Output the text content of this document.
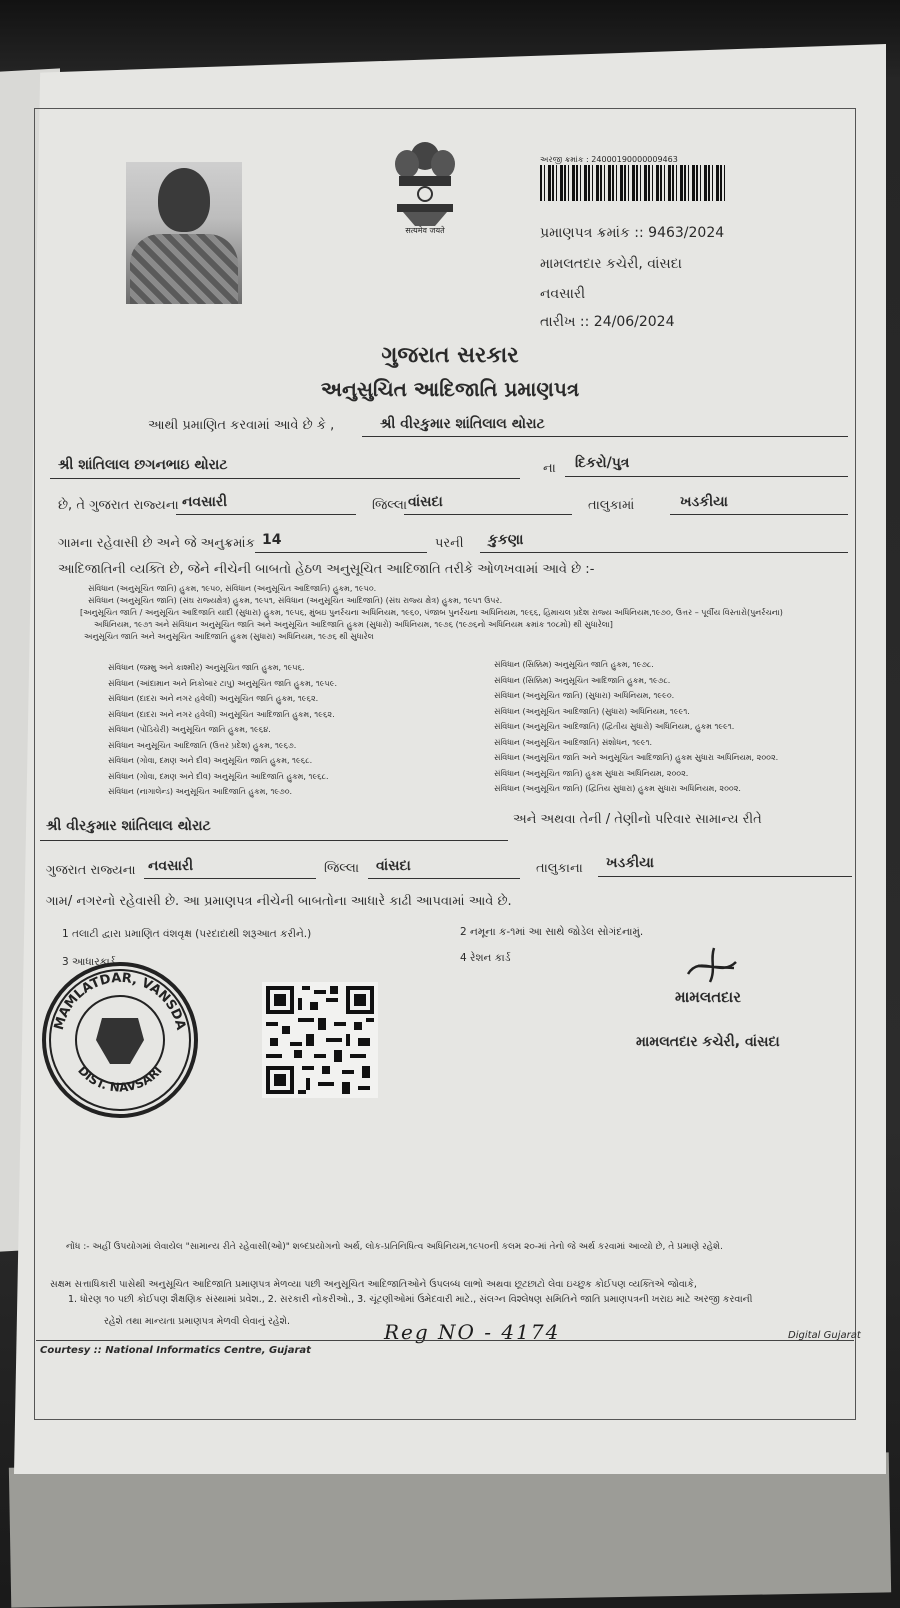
सत्यमेव जयते
અરજી ક્રમાંક : 24000190000009463
પ્રમાણપત્ર ક્રમાંક :: 9463/2024
મામલતદાર કચેરી, વાંસદા
નવસારી
તારીખ :: 24/06/2024
ગુજરાત સરકાર
અનુસુચિત આદિજાતિ પ્રમાણપત્ર
આથી પ્રમાણિત કરવામાં આવે છે કે ,	શ્રી વીરકુમાર શાંતિલાલ થોરાટ
શ્રી શાંતિલાલ છગનભાઇ થોરાટ	ના દિકરો/પુત્ર
છે, તે ગુજરાત રાજ્યના નવસારી	જિલ્લા વાંસદા	તાલુકામાં	ખડકીયા
ગામના રહેવાસી છે અને જે અનુક્રમાંક 14	પરની કુકણા
આદિજાતિની વ્યક્તિ છે, જેને નીચેની બાબતો હેઠળ અનુસૂચિત આદિજાતિ તરીકે ઓળખવામાં આવે છે :-
સંવિધાન (અનુસૂચિત જાતિ) હુકમ, ૧૯૫૦, સંવિધાન (અનુસૂચિત આદિજાતિ) હુકમ, ૧૯૫૦.
સંવિધાન (અનુસૂચિત જાતિ) (સંઘ રાજ્યક્ષેત્ર) હુકમ, ૧૯૫૧, સંવિધાન (અનુસૂચિત આદિજાતિ) (સંઘ રાજ્ય ક્ષેત્ર) હુકમ, ૧૯૫૧ ઉપર.
[અનુસૂચિત જાતિ / અનુસૂચિત આદિજાતિ યાદી (સુધારા) હુકમ, ૧૯૫૬, મુંબઇ પુનર્રચના અધિનિયમ, ૧૯૬૦, પંજાબ પુનર્રચના અધિનિયમ, ૧૯૬૬, હિમાચલ પ્રદેશ રાજ્ય અધિનિયમ,૧૯૭૦, ઉત્તર – પૂર્વીય વિસ્તારો(પુનર્રચના)
અધિનિયમ, ૧૯૭૧ અને સંવિધાન અનુસૂચિત જાતિ અને અનુસૂચિત આદિજાતિ હુકમ (સુધારો) અધિનિયમ, ૧૯૭૬ (૧૯૭૬નો અધિનિયમ ક્રમાંક ૧૦૮મો) થી સુધારેલા]
અનુસૂચિત જાતિ અને અનુસૂચિત આદિજાતિ હુકમ (સુધારા) અધિનિયમ, ૧૯૭૬ થી સુધારેલ
સંવિધાન (જમ્મુ અને કાશ્મીર) અનુસૂચિત જાતિ હુકમ, ૧૯૫૬.
સંવિધાન (આંદામાન અને નિકોબાર ટાપુ) અનુસૂચિત જાતિ હુકમ, ૧૯૫૯.
સંવિધાન (દાદરા અને નગર હવેલી) અનુસૂચિત જાતિ હુકમ, ૧૯૬૨.
સંવિધાન (દાદરા અને નગર હવેલી) અનુસૂચિત આદિજાતિ હુકમ, ૧૯૬૨.
સંવિધાન (પોંડિચેરી) અનુસૂચિત જાતિ હુકમ, ૧૯૬૪.
સંવિધાન અનુસૂચિત આદિજાતિ (ઉત્તર પ્રદેશ) હુકમ, ૧૯૬૭.
સંવિધાન (ગોવા, દમણ અને દીવ) અનુસૂચિત જાતિ હુકમ, ૧૯૬૮.
સંવિધાન (ગોવા, દમણ અને દીવ) અનુસૂચિત આદિજાતિ હુકમ, ૧૯૬૮.
સંવિધાન (નાગાલેન્ડ) અનુસૂચિત આદિજાતિ હુકમ, ૧૯૭૦.
સંવિધાન (સિક્કિમ) અનુસૂચિત જાતિ હુકમ, ૧૯૭૮.
સંવિધાન (સિક્કિમ) અનુસૂચિત આદિજાતિ હુકમ, ૧૯૭૮.
સંવિધાન (અનુસૂચિત જાતિ) (સુધારા) અધિનિયમ, ૧૯૯૦.
સંવિધાન (અનુસૂચિત આદિજાતિ) (સુધારા) અધિનિયમ, ૧૯૯૧.
સંવિધાન (અનુસૂચિત આદિજાતિ) (દ્વિતીય સુધારો) અધિનિયમ, હુકમ ૧૯૯૧.
સંવિધાન (અનુસૂચિત આદિજાતિ) સંશોધન, ૧૯૯૧.
સંવિધાન (અનુસૂચિત જાતિ અને અનુસૂચિત આદિજાતિ) હુકમ સુધારા અધિનિયમ, ૨૦૦૨.
સંવિધાન (અનુસૂચિત જાતિ) હુકમ સુધારા અધિનિયમ, ૨૦૦૨.
સંવિધાન (અનુસૂચિત જાતિ) (દ્વિતિય સુધારા) હુકમ સુધારા અધિનિયમ, ૨૦૦૨.
શ્રી વીરકુમાર શાંતિલાલ થોરાટ	અને અથવા તેની / તેણીનો પરિવાર સામાન્ય રીતે
ગુજરાત રાજ્યના નવસારી	જિલ્લા વાંસદા	તાલુકાના ખડકીયા
ગામ/ નગરનો રહેવાસી છે. આ પ્રમાણપત્ર નીચેની બાબતોના આધારે કાઢી આપવામાં આવે છે.
1 તલાટી દ્વારા પ્રમાણિત વંશવૃક્ષ (પરદાદાથી શરૂઆત કરીને.)	2 નમૂના ક-૧માં આ સાથે જોડેલ સોગંદનામું.
3 આધારકાર્ડ	4 રેશન કાર્ડ
MAMLATDAR, VANSDA
DIST. NAVSARI
મામલતદાર
મામલતદાર કચેરી, વાંસદા
નોંધ :- અહીં ઉપયોગમાં લેવાયેલ "સામાન્ય રીતે રહેવાસી(ઓ)" શબ્દપ્રયોગનો અર્થ, લોક-પ્રતિનિધિત્વ અધિનિયમ,૧૯૫૦ની કલમ ૨૦-માં તેનો જે અર્થ કરવામાં આવ્યો છે, તે પ્રમાણે રહેશે.
સક્ષમ સત્તાધિકારી પાસેથી અનુસૂચિત આદિજાતિ પ્રમાણપત્ર મેળવ્યા પછી અનુસૂચિત આદિજાતિઓને ઉપલબ્ધ લાભો અથવા છૂટછાટો લેવા ઇચ્છુક કોઈપણ વ્યક્તિએ જોવાકે,
1. ધોરણ ૧૦ પછી કોઈપણ શૈક્ષણિક સંસ્થામાં પ્રવેશ., 2. સરકારી નોકરીઓ., 3. ચૂંટણીઓમાં ઉમેદવારી માટે., સંલગ્ન વિશ્લેષણ સમિતિને જાતિ પ્રમાણપત્રની ખરાઇ માટે અરજી કરવાની
રહેશે તથા માન્યતા પ્રમાણપત્ર મેળવી લેવાનું રહેશે.	Reg NO - 4174
Courtesy :: National Informatics Centre, Gujarat
Digital Gujarat
